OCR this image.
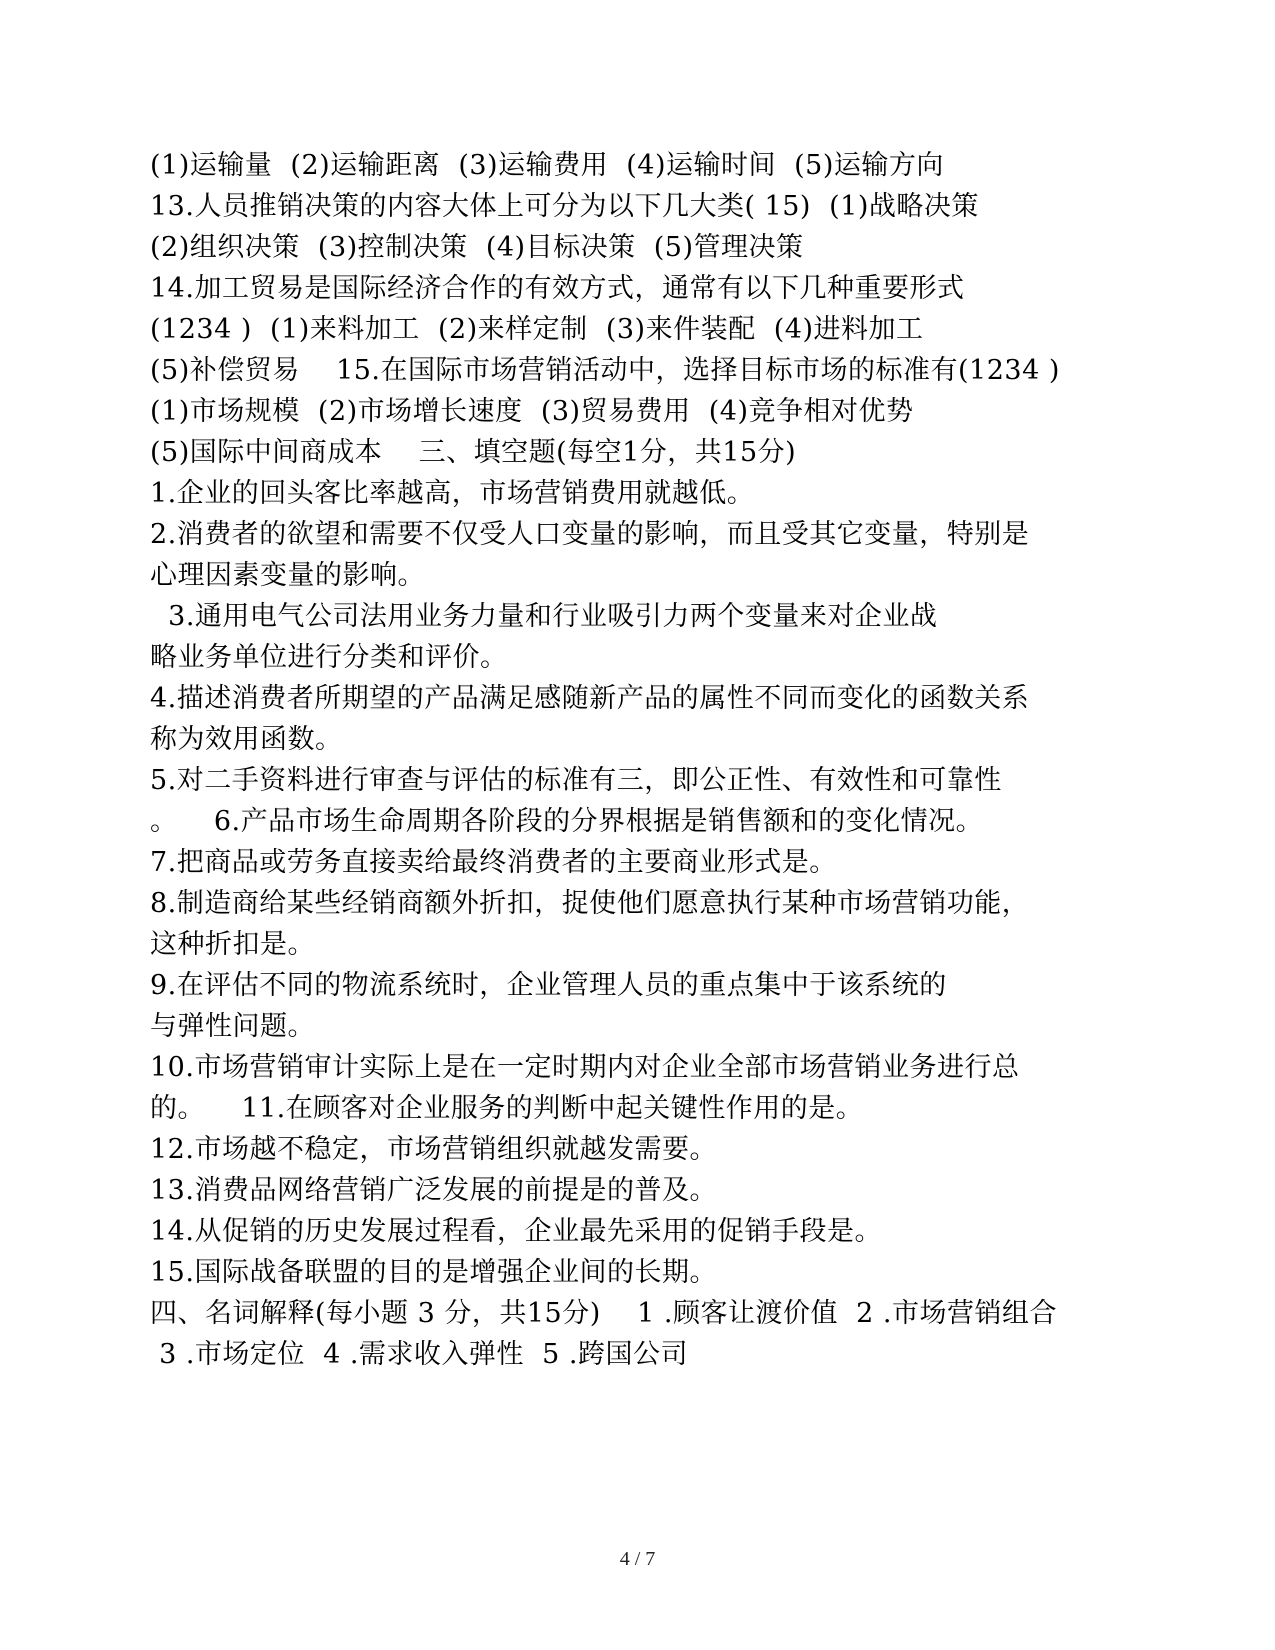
(1)运输量  (2)运输距离  (3)运输费用  (4)运输时间  (5)运输方向
13.人员推销决策的内容大体上可分为以下几大类( 15)  (1)战略决策
(2)组织决策  (3)控制决策  (4)目标决策  (5)管理决策
14.加工贸易是国际经济合作的有效方式，通常有以下几种重要形式
(1234 )  (1)来料加工  (2)来样定制  (3)来件装配  (4)进料加工
(5)补偿贸易    15.在国际市场营销活动中，选择目标市场的标准有(1234 )
(1)市场规模  (2)市场增长速度  (3)贸易费用  (4)竞争相对优势
(5)国际中间商成本    三、填空题(每空1分，共15分)
1.企业的回头客比率越高，市场营销费用就越低。
2.消费者的欲望和需要不仅受人口变量的影响，而且受其它变量，特别是
心理因素变量的影响。
3.通用电气公司法用业务力量和行业吸引力两个变量来对企业战
略业务单位进行分类和评价。
4.描述消费者所期望的产品满足感随新产品的属性不同而变化的函数关系
称为效用函数。
5.对二手资料进行审查与评估的标准有三，即公正性、有效性和可靠性
。    6.产品市场生命周期各阶段的分界根据是销售额和的变化情况。
7.把商品或劳务直接卖给最终消费者的主要商业形式是。
8.制造商给某些经销商额外折扣，捉使他们愿意执行某种市场营销功能，
这种折扣是。
9.在评估不同的物流系统时，企业管理人员的重点集中于该系统的
与弹性问题。
10.市场营销审计实际上是在一定时期内对企业全部市场营销业务进行总
的。    11.在顾客对企业服务的判断中起关键性作用的是。
12.市场越不稳定，市场营销组织就越发需要。
13.消费品网络营销广泛发展的前提是的普及。
14.从促销的历史发展过程看，企业最先采用的促销手段是。
15.国际战备联盟的目的是增强企业间的长期。
四、名词解释(每小题 3 分，共15分)    1 .顾客让渡价值  2 .市场营销组合
3 .市场定位  4 .需求收入弹性  5 .跨国公司
4 / 7
